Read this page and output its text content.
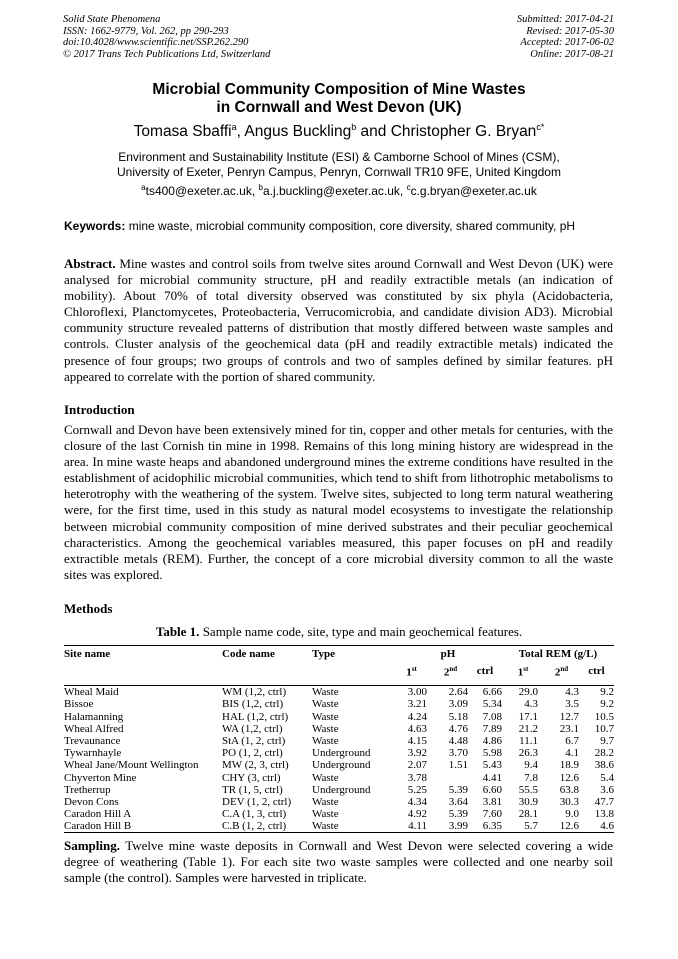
Solid State Phenomena
ISSN: 1662-9779, Vol. 262, pp 290-293
doi:10.4028/www.scientific.net/SSP.262.290
© 2017 Trans Tech Publications Ltd, Switzerland
Submitted: 2017-04-21
Revised: 2017-05-30
Accepted: 2017-06-02
Online: 2017-08-21
Microbial Community Composition of Mine Wastes
in Cornwall and West Devon (UK)
Tomasa Sbaffi$^a$, Angus Buckling$^b$ and Christopher G. Bryan$^{c*}$
Environment and Sustainability Institute (ESI) & Camborne School of Mines (CSM),
University of Exeter, Penryn Campus, Penryn, Cornwall TR10 9FE, United Kingdom
$^a$ts400@exeter.ac.uk, $^b$a.j.buckling@exeter.ac.uk, $^c$c.g.bryan@exeter.ac.uk
Keywords: mine waste, microbial community composition, core diversity, shared community, pH
Abstract. Mine wastes and control soils from twelve sites around Cornwall and West Devon (UK) were analysed for microbial community structure, pH and readily extractible metals (an indication of mobility). About 70% of total diversity observed was constituted by six phyla (Acidobacteria, Chloroflexi, Planctomycetes, Proteobacteria, Verrucomicrobia, and candidate division AD3). Microbial community structure revealed patterns of distribution that mostly differed between waste samples and controls. Cluster analysis of the geochemical data (pH and readily extractible metals) indicated the presence of four groups; two groups of controls and two of samples defined by similar features. pH appeared to correlate with the portion of shared community.
Introduction
Cornwall and Devon have been extensively mined for tin, copper and other metals for centuries, with the closure of the last Cornish tin mine in 1998. Remains of this long mining history are widespread in the area. In mine waste heaps and abandoned underground mines the extreme conditions have resulted in the establishment of acidophilic microbial communities, which tend to shift from lithotrophic metabolisms to heterotrophy with the weathering of the system. Twelve sites, subjected to long term natural weathering were, for the first time, used in this study as natural model ecosystems to investigate the relationship between microbial community composition of mine derived substrates and their peculiar geochemical characteristics. Among the geochemical variables measured, this paper focuses on pH and readily extractible metals (REM). Further, the concept of a core microbial diversity common to all the waste sites was explored.
Methods
Table 1. Sample name code, site, type and main geochemical features.
Site name	Code name	Type	pH			Total REM (g/L)		
			1st	2nd	ctrl	1st	2nd	ctrl

Wheal Maid	WM (1,2, ctrl)	Waste	3.00	2.64	6.66	29.0	4.3	9.2
Bissoe	BIS (1,2, ctrl)	Waste	3.21	3.09	5.34	4.3	3.5	9.2
Halamanning	HAL (1,2, ctrl)	Waste	4.24	5.18	7.08	17.1	12.7	10.5
Wheal Alfred	WA (1,2, ctrl)	Waste	4.63	4.76	7.89	21.2	23.1	10.7
Trevaunance	StA (1, 2, ctrl)	Waste	4.15	4.48	4.86	11.1	6.7	9.7
Tywarnhayle	PO (1, 2, ctrl)	Underground	3.92	3.70	5.98	26.3	4.1	28.2
Wheal Jane/Mount Wellington	MW (2, 3, ctrl)	Underground	2.07	1.51	5.43	9.4	18.9	38.6
Chyverton Mine	CHY (3, ctrl)	Waste	3.78		4.41	7.8	12.6	5.4
Tretherrup	TR (1, 5, ctrl)	Underground	5.25	5.39	6.60	55.5	63.8	3.6
Devon Cons	DEV (1, 2, ctrl)	Waste	4.34	3.64	3.81	30.9	30.3	47.7
Caradon Hill A	C.A (1, 3, ctrl)	Waste	4.92	5.39	7.60	28.1	9.0	13.8
Caradon Hill B	C.B (1, 2, ctrl)	Waste	4.11	3.99	6.35	5.7	12.6	4.6
Sampling. Twelve mine waste deposits in Cornwall and West Devon were selected covering a wide degree of weathering (Table 1). For each site two waste samples were collected and one nearby soil sample (the control). Samples were harvested in triplicate.
